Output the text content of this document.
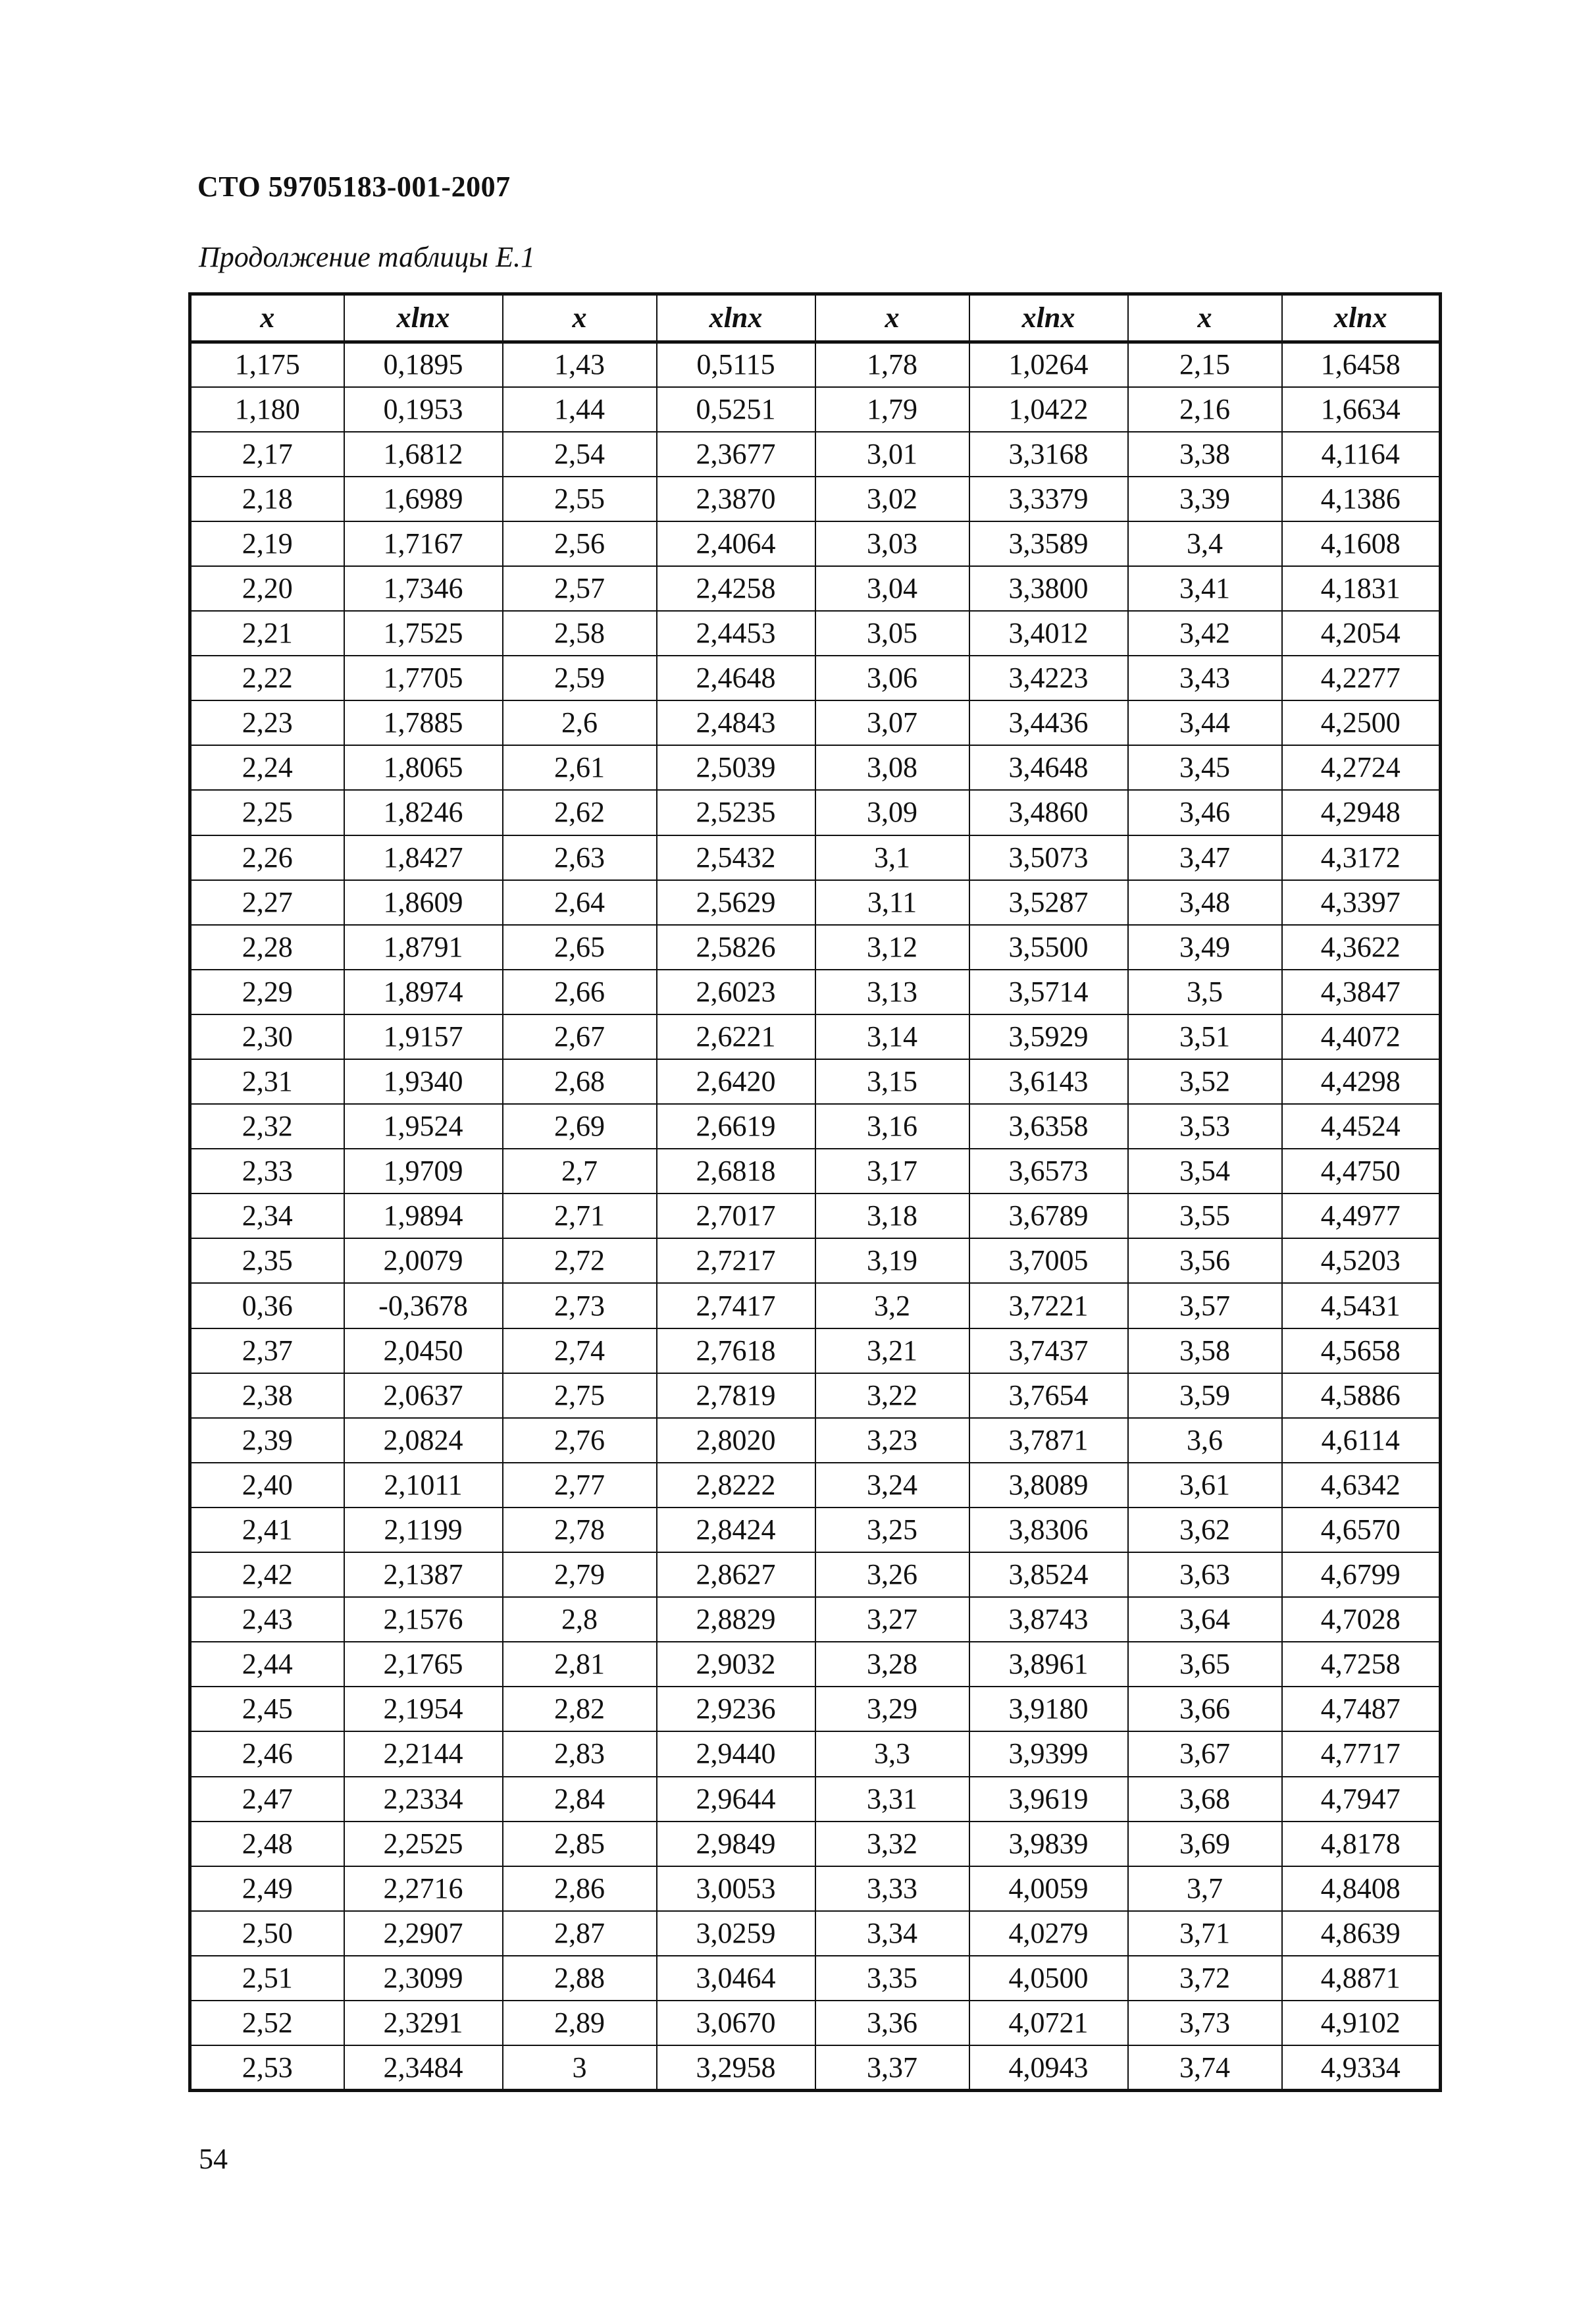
СТО 59705183-001-2007
Продолжение таблицы Е.1
x	xlnx	x	xlnx	x	xlnx	x	xlnx
1,175	0,1895	1,43	0,5115	1,78	1,0264	2,15	1,6458
1,180	0,1953	1,44	0,5251	1,79	1,0422	2,16	1,6634
2,17	1,6812	2,54	2,3677	3,01	3,3168	3,38	4,1164
2,18	1,6989	2,55	2,3870	3,02	3,3379	3,39	4,1386
2,19	1,7167	2,56	2,4064	3,03	3,3589	3,4	4,1608
2,20	1,7346	2,57	2,4258	3,04	3,3800	3,41	4,1831
2,21	1,7525	2,58	2,4453	3,05	3,4012	3,42	4,2054
2,22	1,7705	2,59	2,4648	3,06	3,4223	3,43	4,2277
2,23	1,7885	2,6	2,4843	3,07	3,4436	3,44	4,2500
2,24	1,8065	2,61	2,5039	3,08	3,4648	3,45	4,2724
2,25	1,8246	2,62	2,5235	3,09	3,4860	3,46	4,2948
2,26	1,8427	2,63	2,5432	3,1	3,5073	3,47	4,3172
2,27	1,8609	2,64	2,5629	3,11	3,5287	3,48	4,3397
2,28	1,8791	2,65	2,5826	3,12	3,5500	3,49	4,3622
2,29	1,8974	2,66	2,6023	3,13	3,5714	3,5	4,3847
2,30	1,9157	2,67	2,6221	3,14	3,5929	3,51	4,4072
2,31	1,9340	2,68	2,6420	3,15	3,6143	3,52	4,4298
2,32	1,9524	2,69	2,6619	3,16	3,6358	3,53	4,4524
2,33	1,9709	2,7	2,6818	3,17	3,6573	3,54	4,4750
2,34	1,9894	2,71	2,7017	3,18	3,6789	3,55	4,4977
2,35	2,0079	2,72	2,7217	3,19	3,7005	3,56	4,5203
0,36	-0,3678	2,73	2,7417	3,2	3,7221	3,57	4,5431
2,37	2,0450	2,74	2,7618	3,21	3,7437	3,58	4,5658
2,38	2,0637	2,75	2,7819	3,22	3,7654	3,59	4,5886
2,39	2,0824	2,76	2,8020	3,23	3,7871	3,6	4,6114
2,40	2,1011	2,77	2,8222	3,24	3,8089	3,61	4,6342
2,41	2,1199	2,78	2,8424	3,25	3,8306	3,62	4,6570
2,42	2,1387	2,79	2,8627	3,26	3,8524	3,63	4,6799
2,43	2,1576	2,8	2,8829	3,27	3,8743	3,64	4,7028
2,44	2,1765	2,81	2,9032	3,28	3,8961	3,65	4,7258
2,45	2,1954	2,82	2,9236	3,29	3,9180	3,66	4,7487
2,46	2,2144	2,83	2,9440	3,3	3,9399	3,67	4,7717
2,47	2,2334	2,84	2,9644	3,31	3,9619	3,68	4,7947
2,48	2,2525	2,85	2,9849	3,32	3,9839	3,69	4,8178
2,49	2,2716	2,86	3,0053	3,33	4,0059	3,7	4,8408
2,50	2,2907	2,87	3,0259	3,34	4,0279	3,71	4,8639
2,51	2,3099	2,88	3,0464	3,35	4,0500	3,72	4,8871
2,52	2,3291	2,89	3,0670	3,36	4,0721	3,73	4,9102
2,53	2,3484	3	3,2958	3,37	4,0943	3,74	4,9334
54
